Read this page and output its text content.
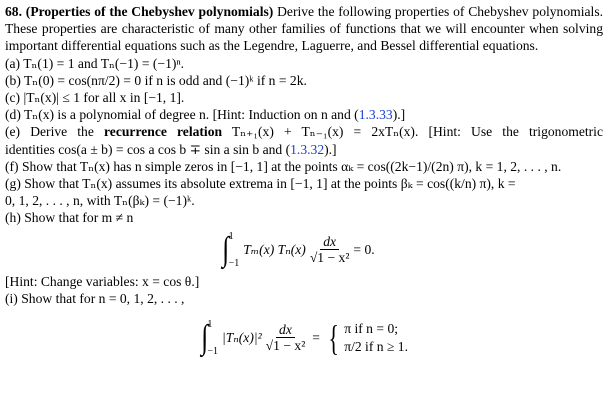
68. (Properties of the Chebyshev polynomials) Derive the following properties of Chebyshev polynomials. These properties are characteristic of many other families of functions that we will encounter when solving important differential equations such as the Legendre, Laguerre, and Bessel differential equations.
(a) Tₙ(1) = 1 and Tₙ(−1) = (−1)ⁿ.
(b) Tₙ(0) = cos(nπ/2) = 0 if n is odd and (−1)ᵏ if n = 2k.
(c) |Tₙ(x)| ≤ 1 for all x in [−1, 1].
(d) Tₙ(x) is a polynomial of degree n. [Hint: Induction on n and (1.3.33).]
(e) Derive the recurrence relation Tₙ₊₁(x) + Tₙ₋₁(x) = 2xTₙ(x). [Hint: Use the trigonometric
identities cos(a ± b) = cos a cos b ∓ sin a sin b and (1.3.32).]
(f) Show that Tₙ(x) has n simple zeros in [−1, 1] at the points αₖ = cos((2k−1)/(2n) π), k = 1, 2, . . . , n.
(g) Show that Tₙ(x) assumes its absolute extrema in [−1, 1] at the points βₖ = cos((k/n) π), k =
0, 1, 2, . . . , n, with Tₙ(βₖ) = (−1)ᵏ.
(h) Show that for m ≠ n
∫ 1
−1
Tₘ(x) $T_n(x) \frac{dx}{\text{√1 − x²}} = 0$.
[Hint: Change variables: x = cos θ.]
(i) Show that for n = 0, 1, 2, . . . ,
∫ 1
−1
$|T_n(x)|^2 \frac{dx}{\text{√1 − x²}}$ = { π if n = 0;
π/2 if n ≥ 1.
